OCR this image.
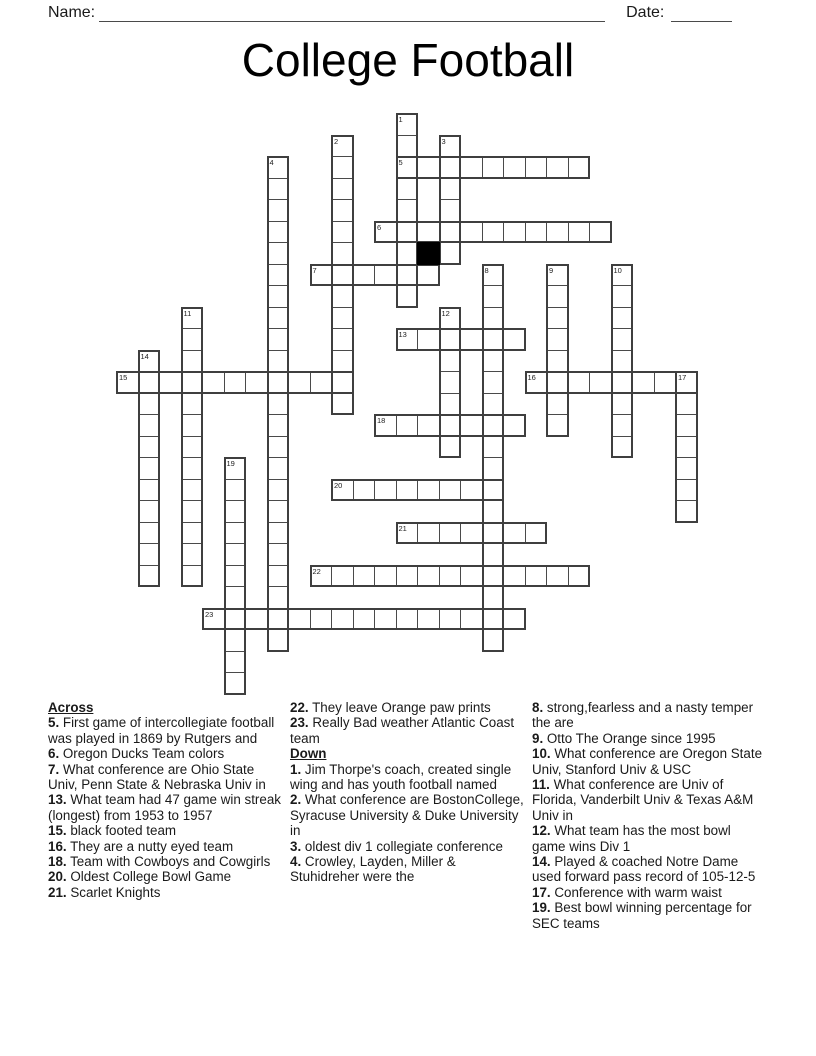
Name:	Date:
College Football
1
2	3
4	5
6
7	8	9	10
11	12
13
14
15	16	17
18
19
20
21
22
23
Across
5. First game of intercollegiate football was played in 1869 by Rutgers and
6. Oregon Ducks Team colors
7. What conference are Ohio State Univ, Penn State & Nebraska Univ in
13. What team had 47 game win streak (longest) from 1953 to 1957
15. black footed team
16. They are a nutty eyed team
18. Team with Cowboys and Cowgirls
20. Oldest College Bowl Game
21. Scarlet Knights
22. They leave Orange paw prints
23. Really Bad weather Atlantic Coast team
Down
1. Jim Thorpe's coach, created single wing and has youth football named
2. What conference are BostonCollege, Syracuse University & Duke University in
3. oldest div 1 collegiate conference
4. Crowley, Layden, Miller & Stuhidreher were the
8. strong,fearless and a nasty temper the are
9. Otto The Orange since 1995
10. What conference are Oregon State Univ, Stanford Univ & USC
11. What conference are Univ of Florida, Vanderbilt Univ & Texas A&M Univ in
12. What team has the most bowl game wins Div 1
14. Played & coached Notre Dame used forward pass record of 105-12-5
17. Conference with warm waist
19. Best bowl winning percentage for SEC teams
